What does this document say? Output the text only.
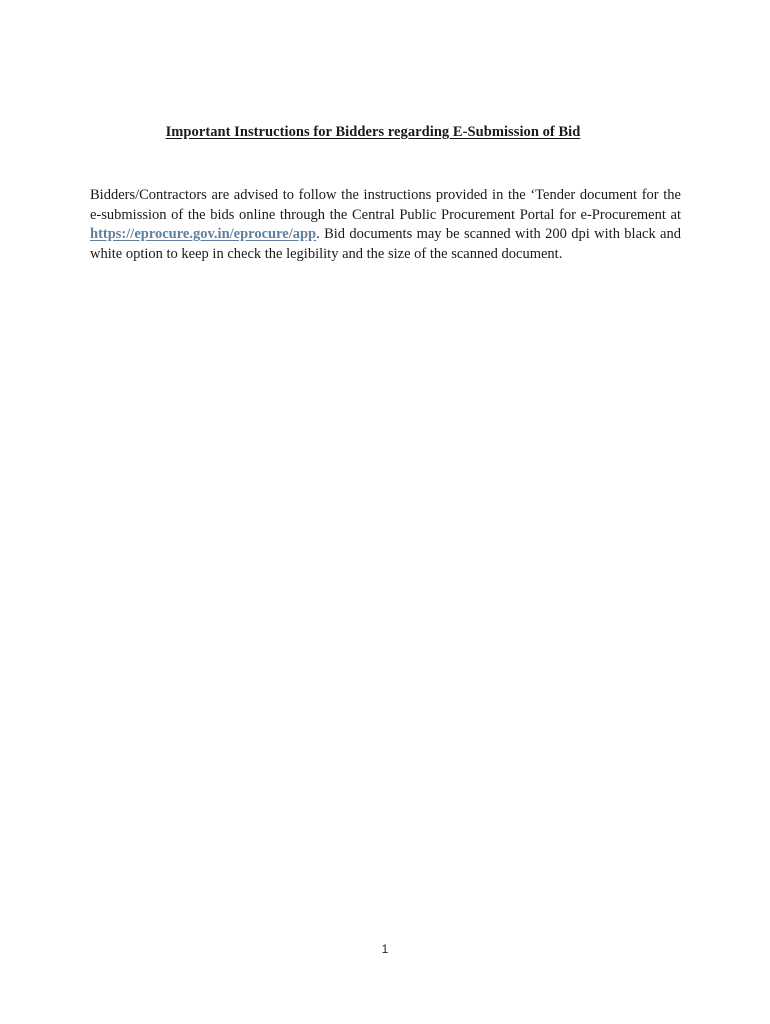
Important Instructions for Bidders regarding E-Submission of Bid

Bidders/Contractors are advised to follow the instructions provided in the ‘Tender document for the e-submission of the bids online through the Central Public Procurement Portal for e-Procurement at https://eprocure.gov.in/eprocure/app. Bid documents may be scanned with 200 dpi with black and white option to keep in check the legibility and the size of the scanned document.

1
